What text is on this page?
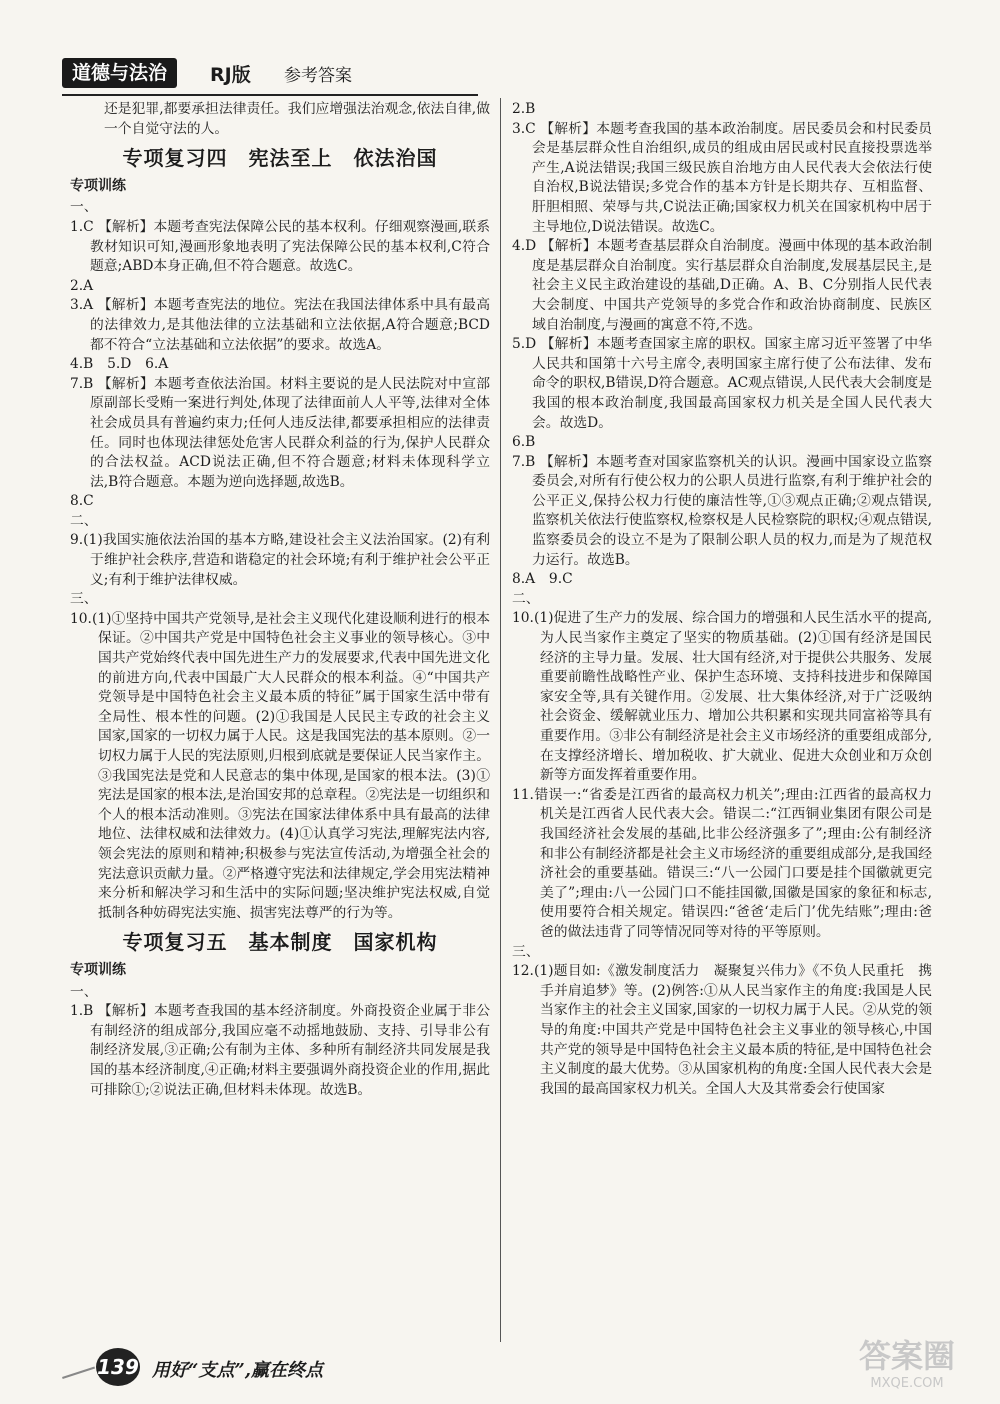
道德与法治	RJ版 参考答案

还是犯罪,都要承担法律责任。我们应增强法治观念,依法自律,做一个自觉守法的人。

专项复习四　宪法至上　依法治国
专项训练

一、

1.C 【解析】本题考查宪法保障公民的基本权利。仔细观察漫画,联系教材知识可知,漫画形象地表明了宪法保障公民的基本权利,C符合题意;ABD本身正确,但不符合题意。故选C。

2.A

3.A 【解析】本题考查宪法的地位。宪法在我国法律体系中具有最高的法律效力,是其他法律的立法基础和立法依据,A符合题意;BCD都不符合“立法基础和立法依据”的要求。故选A。

4.B　5.D　6.A

7.B 【解析】本题考查依法治国。材料主要说的是人民法院对中宣部原副部长受贿一案进行判处,体现了法律面前人人平等,法律对全体社会成员具有普遍约束力;任何人违反法律,都要承担相应的法律责任。同时也体现法律惩处危害人民群众利益的行为,保护人民群众的合法权益。ACD说法正确,但不符合题意;材料未体现科学立法,B符合题意。本题为逆向选择题,故选B。

8.C

二、

9.(1)我国实施依法治国的基本方略,建设社会主义法治国家。(2)有利于维护社会秩序,营造和谐稳定的社会环境;有利于维护社会公平正义;有利于维护法律权威。

三、

10.(1)①坚持中国共产党领导,是社会主义现代化建设顺利进行的根本保证。②中国共产党是中国特色社会主义事业的领导核心。③中国共产党始终代表中国先进生产力的发展要求,代表中国先进文化的前进方向,代表中国最广大人民群众的根本利益。④“中国共产党领导是中国特色社会主义最本质的特征”属于国家生活中带有全局性、根本性的问题。(2)①我国是人民民主专政的社会主义国家,国家的一切权力属于人民。这是我国宪法的基本原则。②一切权力属于人民的宪法原则,归根到底就是要保证人民当家作主。③我国宪法是党和人民意志的集中体现,是国家的根本法。(3)①宪法是国家的根本法,是治国安邦的总章程。②宪法是一切组织和个人的根本活动准则。③宪法在国家法律体系中具有最高的法律地位、法律权威和法律效力。(4)①认真学习宪法,理解宪法内容,领会宪法的原则和精神;积极参与宪法宣传活动,为增强全社会的宪法意识贡献力量。②严格遵守宪法和法律规定,学会用宪法精神来分析和解决学习和生活中的实际问题;坚决维护宪法权威,自觉抵制各种妨碍宪法实施、损害宪法尊严的行为等。

专项复习五　基本制度　国家机构
专项训练

一、

1.B 【解析】本题考查我国的基本经济制度。外商投资企业属于非公有制经济的组成部分,我国应毫不动摇地鼓励、支持、引导非公有制经济发展,③正确;公有制为主体、多种所有制经济共同发展是我国的基本经济制度,④正确;材料主要强调外商投资企业的作用,据此可排除①;②说法正确,但材料未体现。故选B。

2.B

3.C 【解析】本题考查我国的基本政治制度。居民委员会和村民委员会是基层群众性自治组织,成员的组成由居民或村民直接投票选举产生,A说法错误;我国三级民族自治地方由人民代表大会依法行使自治权,B说法错误;多党合作的基本方针是长期共存、互相监督、肝胆相照、荣辱与共,C说法正确;国家权力机关在国家机构中居于主导地位,D说法错误。故选C。

4.D 【解析】本题考查基层群众自治制度。漫画中体现的基本政治制度是基层群众自治制度。实行基层群众自治制度,发展基层民主,是社会主义民主政治建设的基础,D正确。A、B、C分别指人民代表大会制度、中国共产党领导的多党合作和政治协商制度、民族区域自治制度,与漫画的寓意不符,不选。

5.D 【解析】本题考查国家主席的职权。国家主席习近平签署了中华人民共和国第十六号主席令,表明国家主席行使了公布法律、发布命令的职权,B错误,D符合题意。AC观点错误,人民代表大会制度是我国的根本政治制度,我国最高国家权力机关是全国人民代表大会。故选D。

6.B

7.B 【解析】本题考查对国家监察机关的认识。漫画中国家设立监察委员会,对所有行使公权力的公职人员进行监察,有利于维护社会的公平正义,保持公权力行使的廉洁性等,①③观点正确;②观点错误,监察机关依法行使监察权,检察权是人民检察院的职权;④观点错误,监察委员会的设立不是为了限制公职人员的权力,而是为了规范权力运行。故选B。

8.A　9.C

二、

10.(1)促进了生产力的发展、综合国力的增强和人民生活水平的提高,为人民当家作主奠定了坚实的物质基础。(2)①国有经济是国民经济的主导力量。发展、壮大国有经济,对于提供公共服务、发展重要前瞻性战略性产业、保护生态环境、支持科技进步和保障国家安全等,具有关键作用。②发展、壮大集体经济,对于广泛吸纳社会资金、缓解就业压力、增加公共积累和实现共同富裕等具有重要作用。③非公有制经济是社会主义市场经济的重要组成部分,在支撑经济增长、增加税收、扩大就业、促进大众创业和万众创新等方面发挥着重要作用。

11.错误一:“省委是江西省的最高权力机关”;理由:江西省的最高权力机关是江西省人民代表大会。错误二:“江西铜业集团有限公司是我国经济社会发展的基础,比非公经济强多了”;理由:公有制经济和非公有制经济都是社会主义市场经济的重要组成部分,是我国经济社会的重要基础。错误三:“八一公园门口要是挂个国徽就更完美了”;理由:八一公园门口不能挂国徽,国徽是国家的象征和标志,使用要符合相关规定。错误四:“爸爸‘走后门’优先结账”;理由:爸爸的做法违背了同等情况同等对待的平等原则。

三、

12.(1)题目如:《激发制度活力　凝聚复兴伟力》《不负人民重托　携手并肩追梦》等。(2)例答:①从人民当家作主的角度:我国是人民当家作主的社会主义国家,国家的一切权力属于人民。②从党的领导的角度:中国共产党是中国特色社会主义事业的领导核心,中国共产党的领导是中国特色社会主义最本质的特征,是中国特色社会主义制度的最大优势。③从国家机构的角度:全国人民代表大会是我国的最高国家权力机关。全国人大及其常委会行使国家

139 用好“支点”,赢在终点	答案圈
MXQE.COM
